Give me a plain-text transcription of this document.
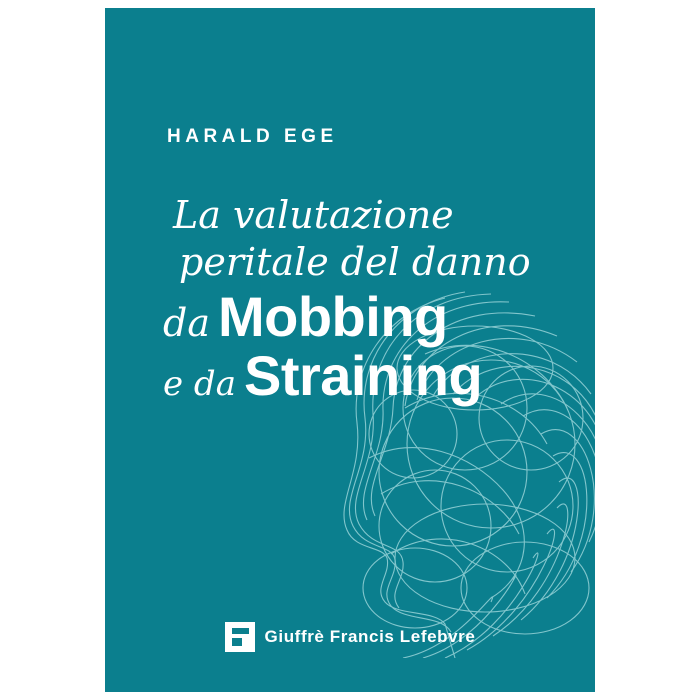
HARALD EGE
La valutazione
peritale del danno
da Mobbing
e da Straining
Giuffrè Francis Lefebvre
